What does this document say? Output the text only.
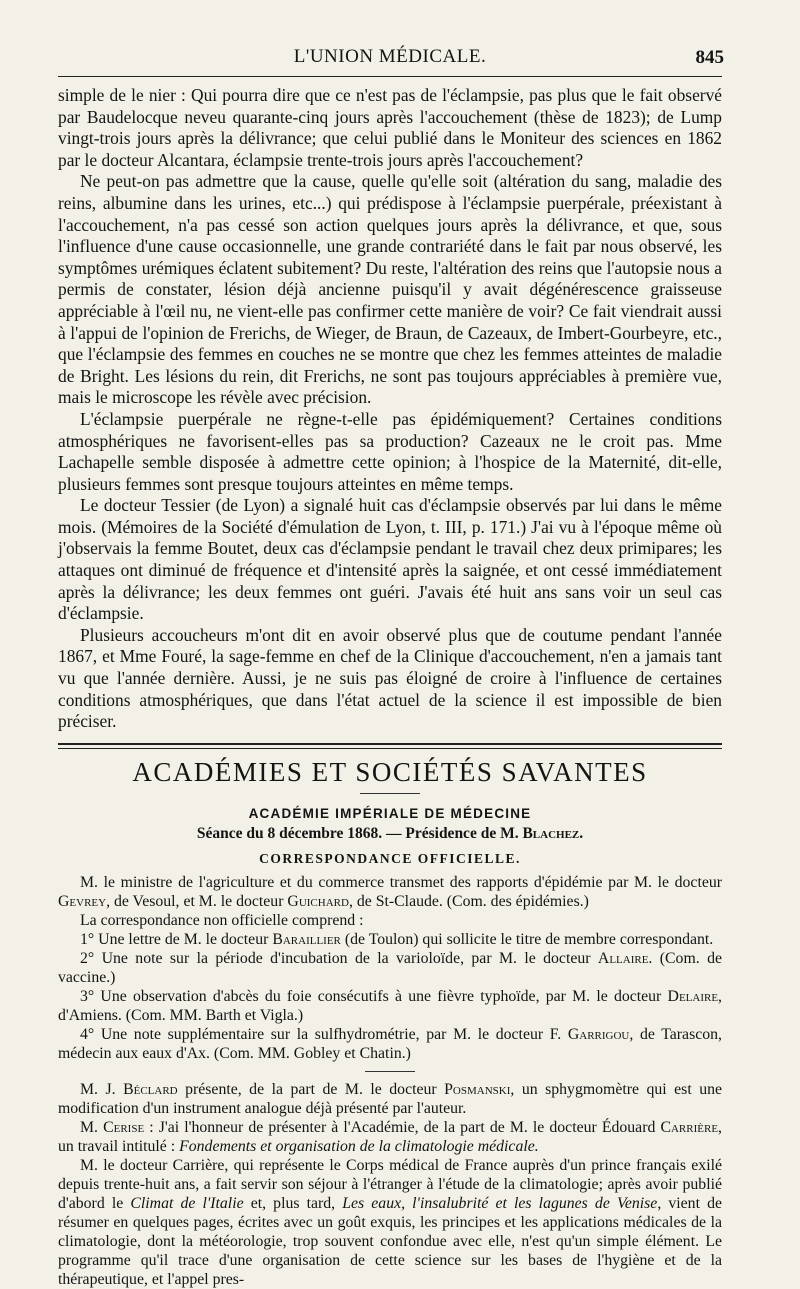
L'UNION MÉDICALE.	845

simple de le nier : Qui pourra dire que ce n'est pas de l'éclampsie, pas plus que le fait observé par Baudelocque neveu quarante-cinq jours après l'accouchement (thèse de 1823); de Lump vingt-trois jours après la délivrance; que celui publié dans le Moniteur des sciences en 1862 par le docteur Alcantara, éclampsie trente-trois jours après l'accouchement?

Ne peut-on pas admettre que la cause, quelle qu'elle soit (altération du sang, maladie des reins, albumine dans les urines, etc...) qui prédispose à l'éclampsie puerpérale, préexistant à l'accouchement, n'a pas cessé son action quelques jours après la délivrance, et que, sous l'influence d'une cause occasionnelle, une grande contrariété dans le fait par nous observé, les symptômes urémiques éclatent subitement? Du reste, l'altération des reins que l'autopsie nous a permis de constater, lésion déjà ancienne puisqu'il y avait dégénérescence graisseuse appréciable à l'œil nu, ne vient-elle pas confirmer cette manière de voir? Ce fait viendrait aussi à l'appui de l'opinion de Frerichs, de Wieger, de Braun, de Cazeaux, de Imbert-Gourbeyre, etc., que l'éclampsie des femmes en couches ne se montre que chez les femmes atteintes de maladie de Bright. Les lésions du rein, dit Frerichs, ne sont pas toujours appréciables à première vue, mais le microscope les révèle avec précision.

L'éclampsie puerpérale ne règne-t-elle pas épidémiquement? Certaines conditions atmosphériques ne favorisent-elles pas sa production? Cazeaux ne le croit pas. Mme Lachapelle semble disposée à admettre cette opinion; à l'hospice de la Maternité, dit-elle, plusieurs femmes sont presque toujours atteintes en même temps.

Le docteur Tessier (de Lyon) a signalé huit cas d'éclampsie observés par lui dans le même mois. (Mémoires de la Société d'émulation de Lyon, t. III, p. 171.) J'ai vu à l'époque même où j'observais la femme Boutet, deux cas d'éclampsie pendant le travail chez deux primipares; les attaques ont diminué de fréquence et d'intensité après la saignée, et ont cessé immédiatement après la délivrance; les deux femmes ont guéri. J'avais été huit ans sans voir un seul cas d'éclampsie.

Plusieurs accoucheurs m'ont dit en avoir observé plus que de coutume pendant l'année 1867, et Mme Fouré, la sage-femme en chef de la Clinique d'accouchement, n'en a jamais tant vu que l'année dernière. Aussi, je ne suis pas éloigné de croire à l'influence de certaines conditions atmosphériques, que dans l'état actuel de la science il est impossible de bien préciser.

ACADÉMIES ET SOCIÉTÉS SAVANTES
ACADÉMIE IMPÉRIALE DE MÉDECINE
Séance du 8 décembre 1868. — Présidence de M. Blachez.
CORRESPONDANCE OFFICIELLE.

M. le ministre de l'agriculture et du commerce transmet des rapports d'épidémie par M. le docteur Gevrey, de Vesoul, et M. le docteur Guichard, de St-Claude. (Com. des épidémies.)

La correspondance non officielle comprend :

1° Une lettre de M. le docteur Baraillier (de Toulon) qui sollicite le titre de membre correspondant.

2° Une note sur la période d'incubation de la varioloïde, par M. le docteur Allaire. (Com. de vaccine.)

3° Une observation d'abcès du foie consécutifs à une fièvre typhoïde, par M. le docteur Delaire, d'Amiens. (Com. MM. Barth et Vigla.)

4° Une note supplémentaire sur la sulfhydrométrie, par M. le docteur F. Garrigou, de Tarascon, médecin aux eaux d'Ax. (Com. MM. Gobley et Chatin.)

M. J. Béclard présente, de la part de M. le docteur Posmanski, un sphygmomètre qui est une modification d'un instrument analogue déjà présenté par l'auteur.

M. Cerise : J'ai l'honneur de présenter à l'Académie, de la part de M. le docteur Édouard Carrière, un travail intitulé : Fondements et organisation de la climatologie médicale.

M. le docteur Carrière, qui représente le Corps médical de France auprès d'un prince français exilé depuis trente-huit ans, a fait servir son séjour à l'étranger à l'étude de la climatologie; après avoir publié d'abord le Climat de l'Italie et, plus tard, Les eaux, l'insalubrité et les lagunes de Venise, vient de résumer en quelques pages, écrites avec un goût exquis, les principes et les applications médicales de la climatologie, dont la météorologie, trop souvent confondue avec elle, n'est qu'un simple élément. Le programme qu'il trace d'une organisation de cette science sur les bases de l'hygiène et de la thérapeutique, et l'appel pres-
